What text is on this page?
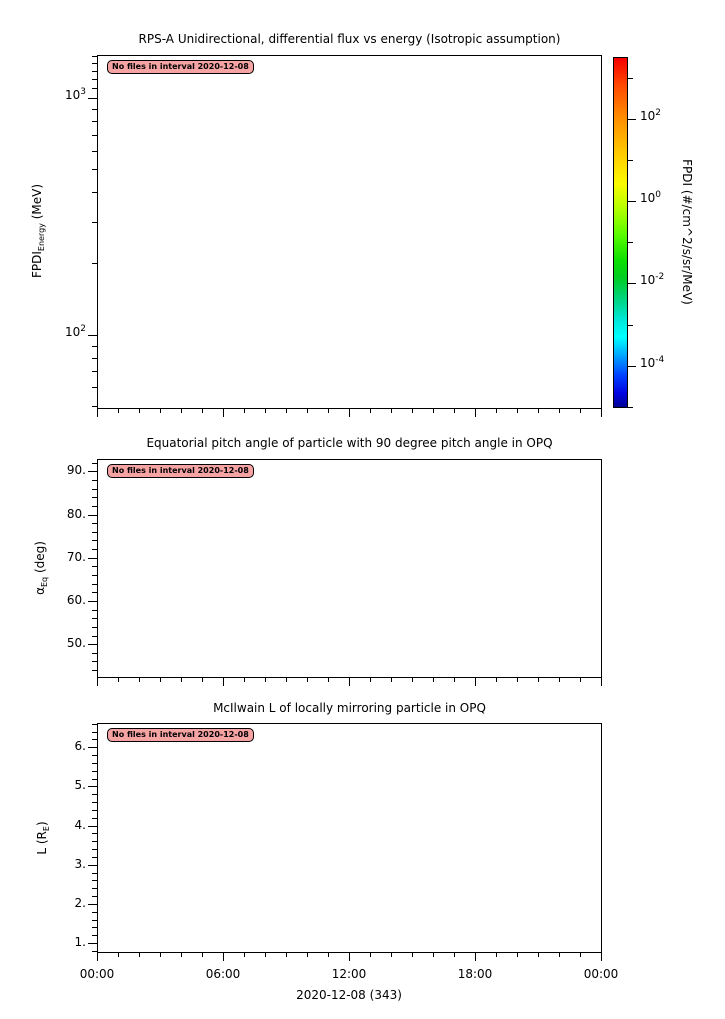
RPS-A Unidirectional, differential flux vs energy (Isotropic assumption)
No files in interval 2020-12-08
$FPDI_{Energy}$ (MeV)	FPDI (#/cm^2/s/sr/MeV)
Equatorial pitch angle of particle with 90 degree pitch angle in OPQ
No files in interval 2020-12-08
$\alpha_{Eq}$ (deg)
McIlwain L of locally mirroring particle in OPQ
No files in interval 2020-12-08
L $(R_E)$
00:00	06:00	12:00	18:00	00:00
2020-12-08 (343)
$10^3$
$10^2$
90.
80.
70.
60.
50.
6.
5.
4.
3.
2.
1.
$10^2$
$10^0$
$10^{-2}$
$10^{-4}$
